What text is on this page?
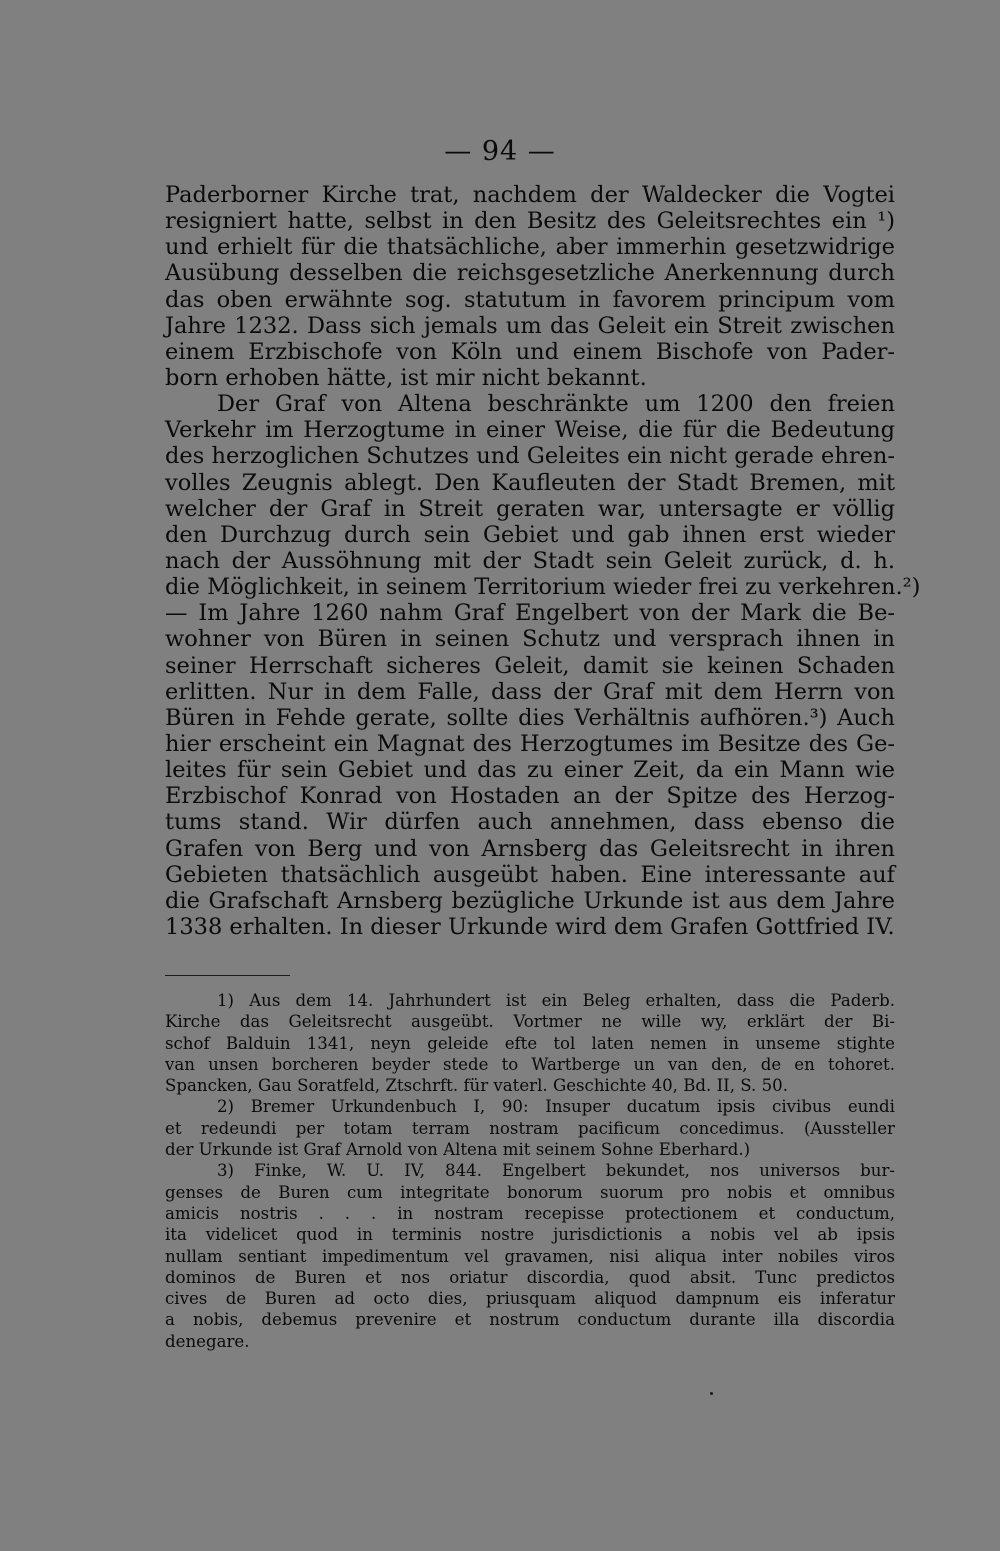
— 94 —
Paderborner Kirche trat, nachdem der Waldecker die Vogtei
resigniert hatte, selbst in den Besitz des Geleitsrechtes ein ¹)
und erhielt für die thatsächliche, aber immerhin gesetzwidrige
Ausübung desselben die reichsgesetzliche Anerkennung durch
das oben erwähnte sog. statutum in favorem principum vom
Jahre 1232. Dass sich jemals um das Geleit ein Streit zwischen
einem Erzbischofe von Köln und einem Bischofe von Pader-
born erhoben hätte, ist mir nicht bekannt.
Der Graf von Altena beschränkte um 1200 den freien
Verkehr im Herzogtume in einer Weise, die für die Bedeutung
des herzoglichen Schutzes und Geleites ein nicht gerade ehren-
volles Zeugnis ablegt. Den Kaufleuten der Stadt Bremen, mit
welcher der Graf in Streit geraten war, untersagte er völlig
den Durchzug durch sein Gebiet und gab ihnen erst wieder
nach der Aussöhnung mit der Stadt sein Geleit zurück, d. h.
die Möglichkeit, in seinem Territorium wieder frei zu verkehren.²)
— Im Jahre 1260 nahm Graf Engelbert von der Mark die Be-
wohner von Büren in seinen Schutz und versprach ihnen in
seiner Herrschaft sicheres Geleit, damit sie keinen Schaden
erlitten. Nur in dem Falle, dass der Graf mit dem Herrn von
Büren in Fehde gerate, sollte dies Verhältnis aufhören.³) Auch
hier erscheint ein Magnat des Herzogtumes im Besitze des Ge-
leites für sein Gebiet und das zu einer Zeit, da ein Mann wie
Erzbischof Konrad von Hostaden an der Spitze des Herzog-
tums stand. Wir dürfen auch annehmen, dass ebenso die
Grafen von Berg und von Arnsberg das Geleitsrecht in ihren
Gebieten thatsächlich ausgeübt haben. Eine interessante auf
die Grafschaft Arnsberg bezügliche Urkunde ist aus dem Jahre
1338 erhalten. In dieser Urkunde wird dem Grafen Gottfried IV.
1) Aus dem 14. Jahrhundert ist ein Beleg erhalten, dass die Paderb.
Kirche das Geleitsrecht ausgeübt. Vortmer ne wille wy, erklärt der Bi-
schof Balduin 1341, neyn geleide efte tol laten nemen in unseme stighte
van unsen borcheren beyder stede to Wartberge un van den, de en tohoret.
Spancken, Gau Soratfeld, Ztschrft. für vaterl. Geschichte 40, Bd. II, S. 50.
2) Bremer Urkundenbuch I, 90: Insuper ducatum ipsis civibus eundi
et redeundi per totam terram nostram pacificum concedimus. (Aussteller
der Urkunde ist Graf Arnold von Altena mit seinem Sohne Eberhard.)
3) Finke, W. U. IV, 844. Engelbert bekundet, nos universos bur-
genses de Buren cum integritate bonorum suorum pro nobis et omnibus
amicis nostris . . . in nostram recepisse protectionem et conductum,
ita videlicet quod in terminis nostre jurisdictionis a nobis vel ab ipsis
nullam sentiant impedimentum vel gravamen, nisi aliqua inter nobiles viros
dominos de Buren et nos oriatur discordia, quod absit. Tunc predictos
cives de Buren ad octo dies, priusquam aliquod dampnum eis inferatur
a nobis, debemus prevenire et nostrum conductum durante illa discordia
denegare.
